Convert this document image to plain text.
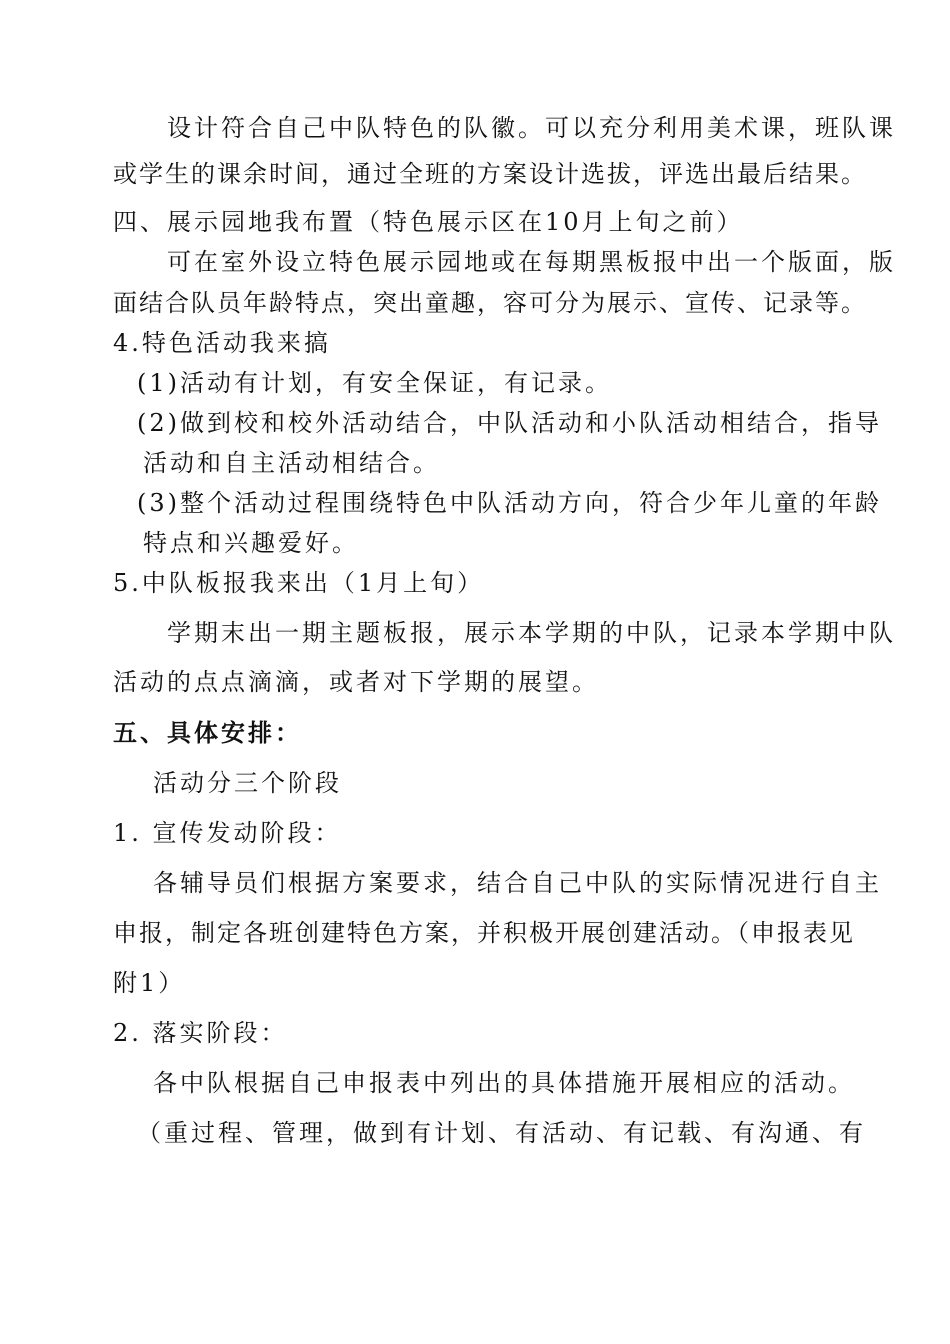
设计符合自己中队特色的队徽。可以充分利用美术课，班队课
或学生的课余时间，通过全班的方案设计选拔，评选出最后结果。
四、展示园地我布置（特色展示区在10月上旬之前）
可在室外设立特色展示园地或在每期黑板报中出一个版面，版
面结合队员年龄特点，突出童趣，容可分为展示、宣传、记录等。
4.特色活动我来搞
(1)活动有计划，有安全保证，有记录。
(2)做到校和校外活动结合，中队活动和小队活动相结合，指导
活动和自主活动相结合。
(3)整个活动过程围绕特色中队活动方向，符合少年儿童的年龄
特点和兴趣爱好。
5.中队板报我来出（1月上旬）
学期末出一期主题板报，展示本学期的中队，记录本学期中队
活动的点点滴滴，或者对下学期的展望。
五、具体安排：
活动分三个阶段
1. 宣传发动阶段：
各辅导员们根据方案要求，结合自己中队的实际情况进行自主
申报，制定各班创建特色方案，并积极开展创建活动。（申报表见
附1）
2. 落实阶段：
各中队根据自己申报表中列出的具体措施开展相应的活动。
（重过程、管理，做到有计划、有活动、有记载、有沟通、有
